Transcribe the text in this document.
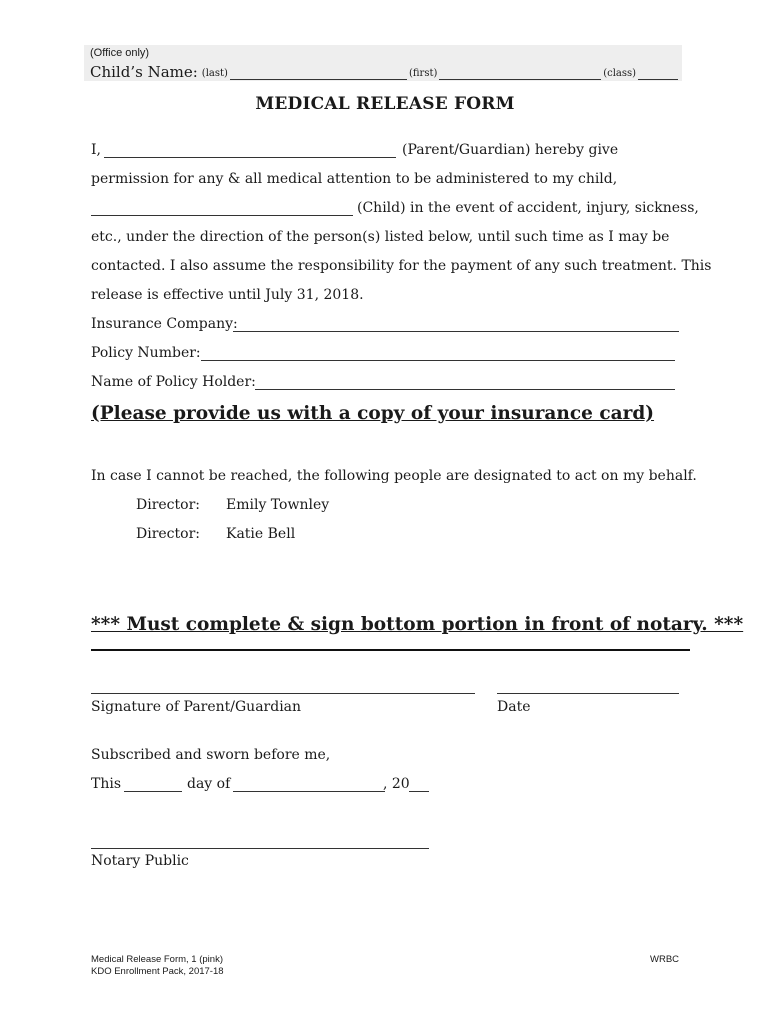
(Office only)
Child’s Name: (last)	(first)	(class)
MEDICAL RELEASE FORM
I,	(Parent/Guardian) hereby give
permission for any & all medical attention to be administered to my child,
(Child) in the event of accident, injury, sickness,
etc., under the direction of the person(s) listed below, until such time as I may be
contacted. I also assume the responsibility for the payment of any such treatment. This
release is effective until July 31, 2018.
Insurance Company:
Policy Number:
Name of Policy Holder:
(Please provide us with a copy of your insurance card)
In case I cannot be reached, the following people are designated to act on my behalf.
Director: Emily Townley
Director: Katie Bell
*** Must complete & sign bottom portion in front of notary. ***
Signature of Parent/Guardian	Date
Subscribed and sworn before me,
This	day of	, 20
Notary Public
Medical Release Form, 1 (pink)
KDO Enrollment Pack, 2017-18
WRBC
